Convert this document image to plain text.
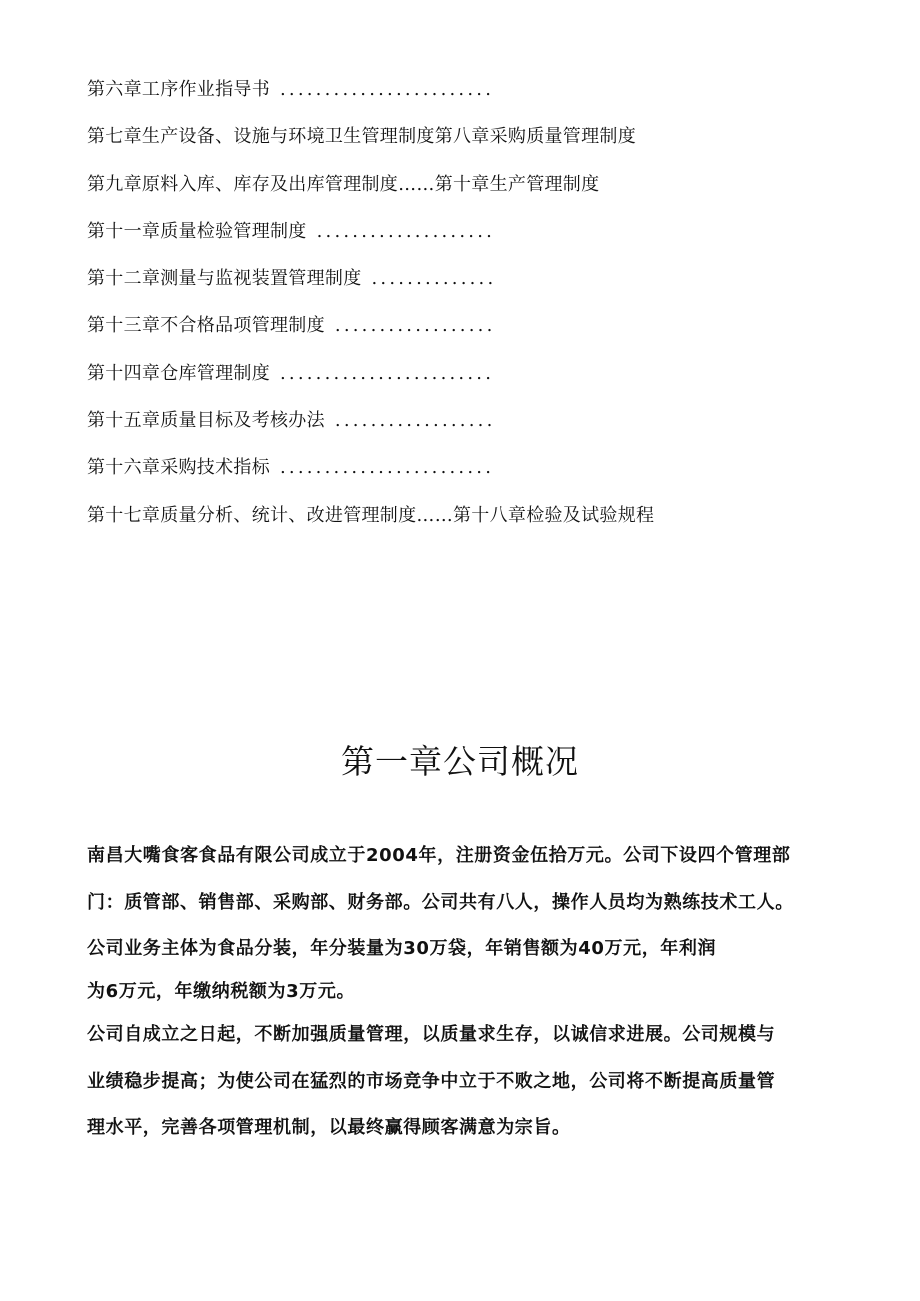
第六章工序作业指导书 ........................
第七章生产设备、设施与环境卫生管理制度第八章采购质量管理制度
第九章原料入库、库存及出库管理制度……第十章生产管理制度
第十一章质量检验管理制度 ....................
第十二章测量与监视装置管理制度 ..............
第十三章不合格品项管理制度 ..................
第十四章仓库管理制度 ........................
第十五章质量目标及考核办法 ..................
第十六章采购技术指标 ........................
第十七章质量分析、统计、改进管理制度……第十八章检验及试验规程
第一章公司概况
南昌大嘴食客食品有限公司成立于2004年，注册资金伍拾万元。公司下设四个管理部
门：质管部、销售部、采购部、财务部。公司共有八人，操作人员均为熟练技术工人。
公司业务主体为食品分装，年分装量为30万袋，年销售额为40万元，年利润
为6万元，年缴纳税额为3万元。
公司自成立之日起，不断加强质量管理，以质量求生存，以诚信求进展。公司规模与
业绩稳步提高；为使公司在猛烈的市场竞争中立于不败之地，公司将不断提高质量管
理水平，完善各项管理机制，以最终赢得顾客满意为宗旨。
